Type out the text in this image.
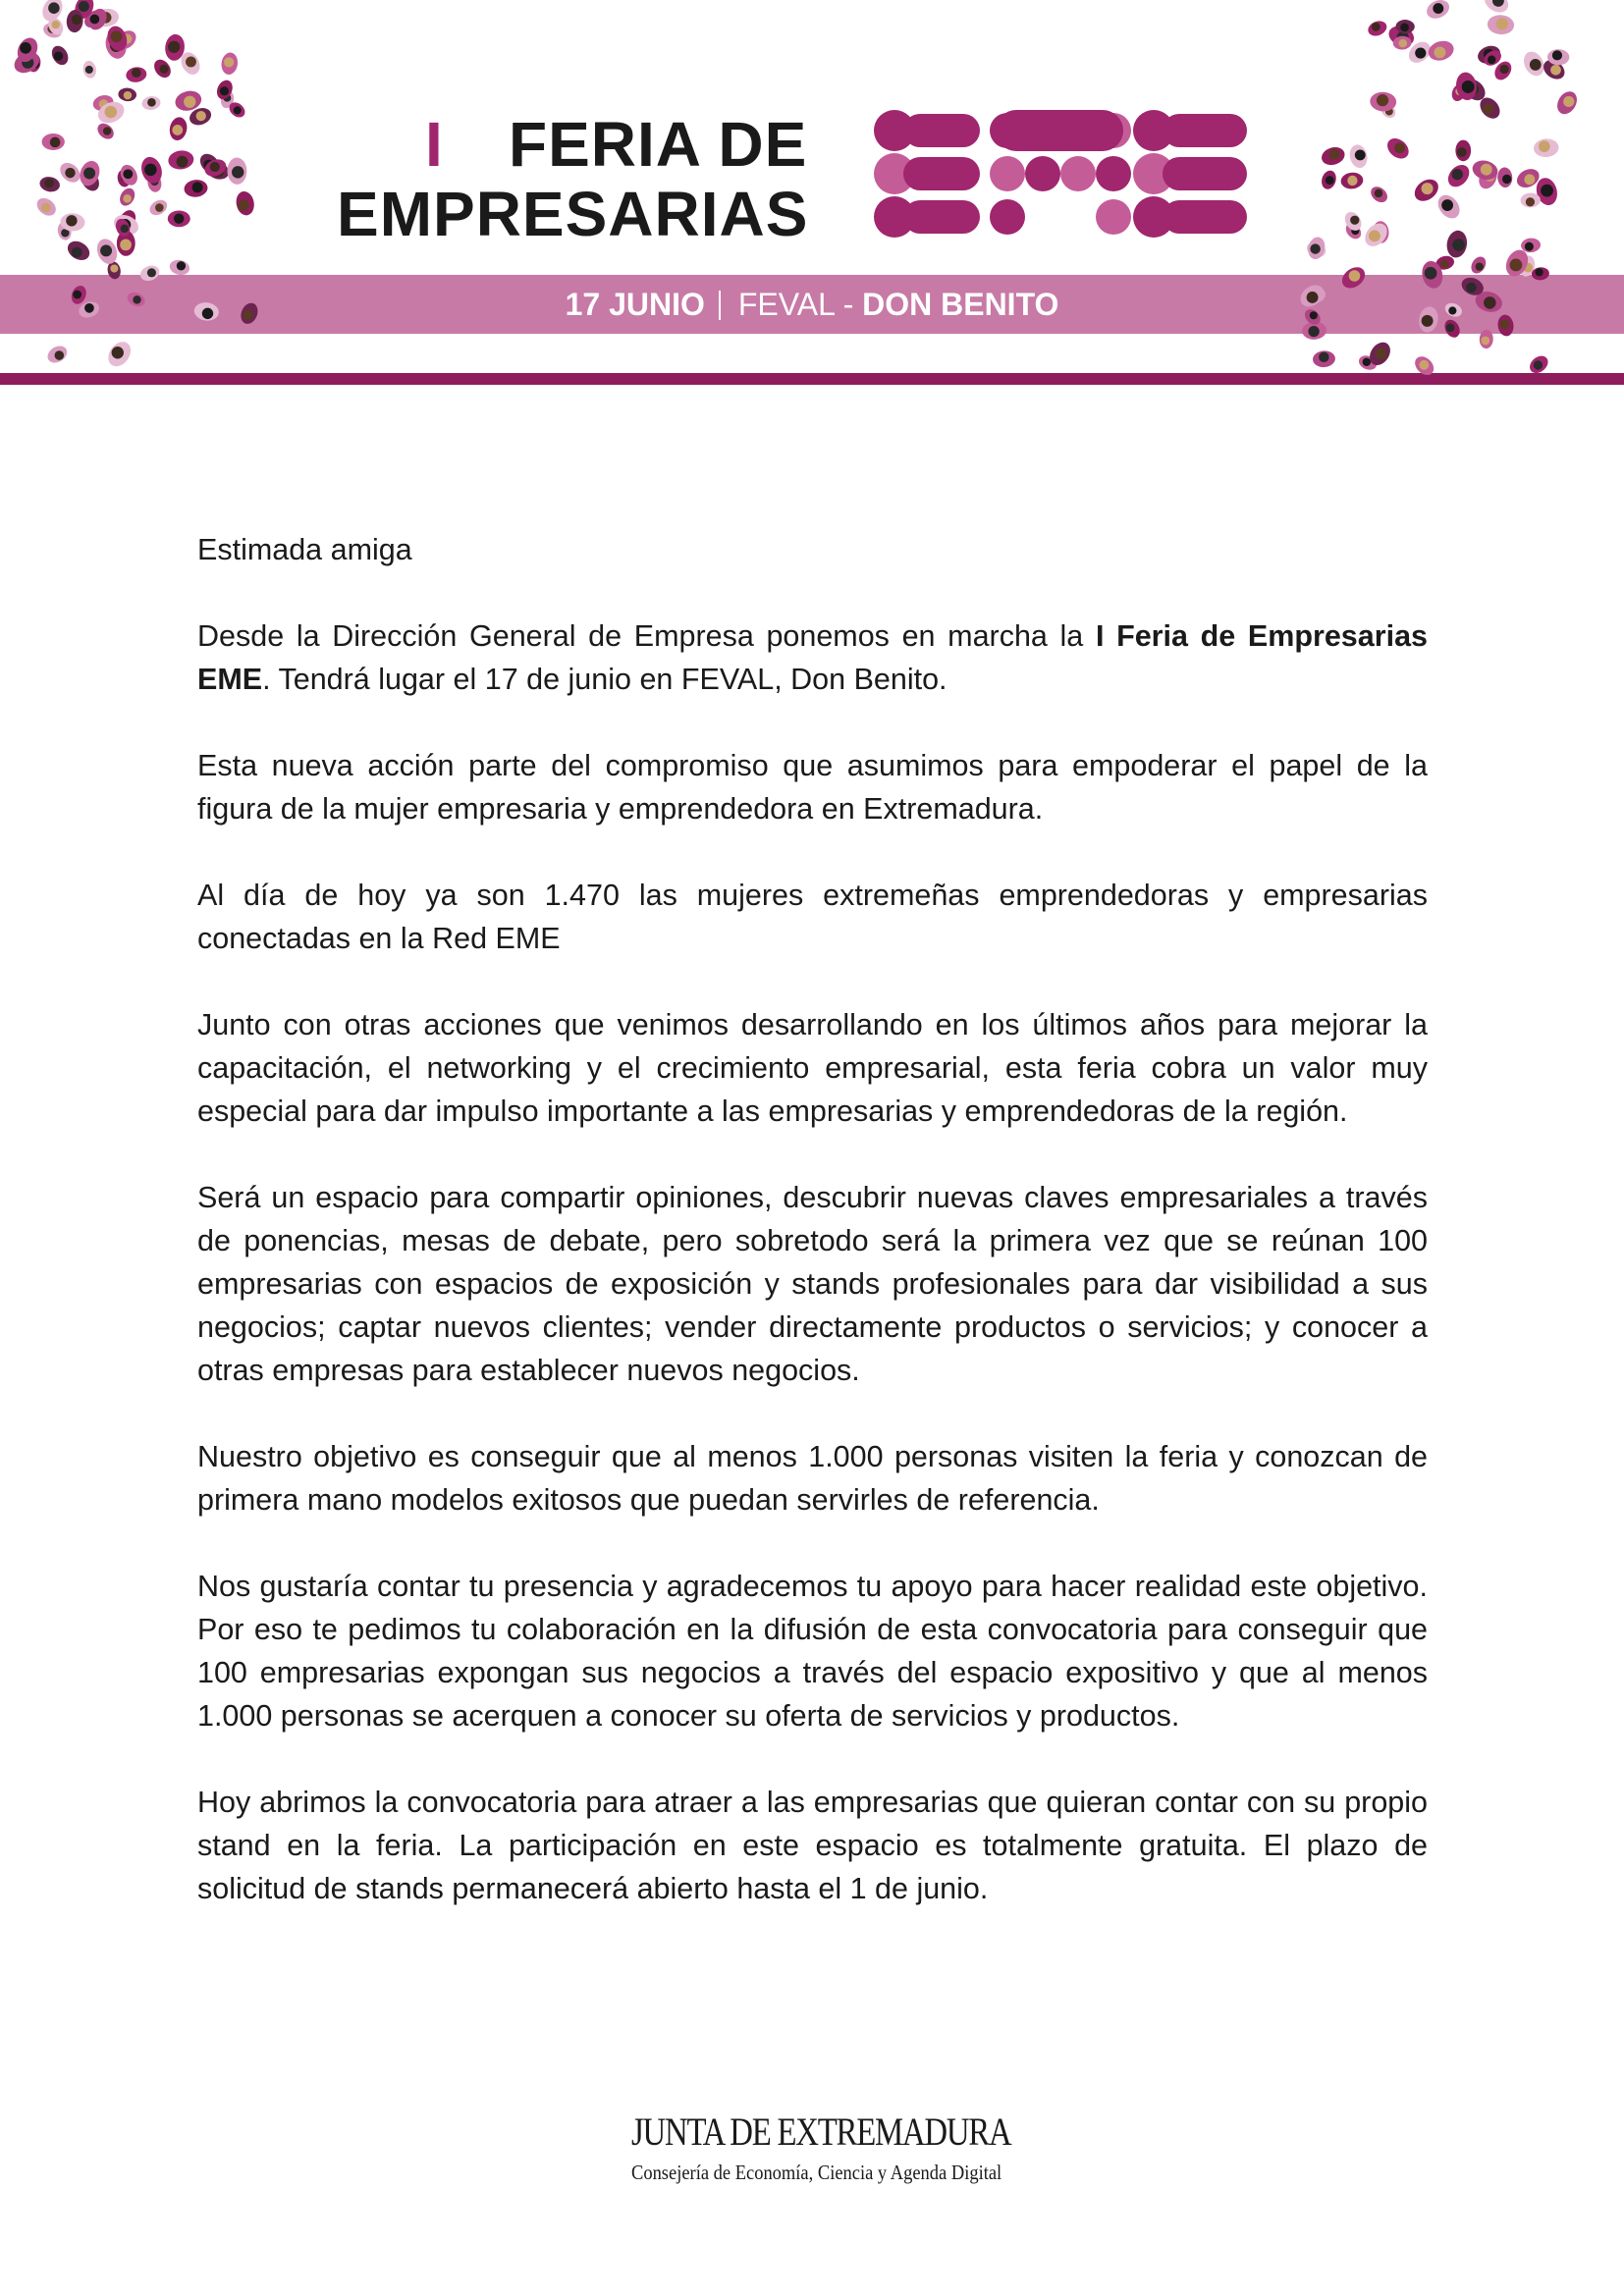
I FERIA DE
EMPRESARIAS
17 JUNIO FEVAL - DON BENITO

Estimada amiga

Desde la Dirección General de Empresa ponemos en marcha la I Feria de Empresarias EME. Tendrá lugar el 17 de junio en FEVAL, Don Benito.

Esta nueva acción parte del compromiso que asumimos para empoderar el papel de la figura de la mujer empresaria y emprendedora en Extremadura.

Al día de hoy ya son 1.470 las mujeres extremeñas emprendedoras y empresarias conectadas en la Red EME

Junto con otras acciones que venimos desarrollando en los últimos años para mejorar la capacitación, el networking y el crecimiento empresarial, esta feria cobra un valor muy especial para dar impulso importante a las empresarias y emprendedoras de la región.

Será un espacio para compartir opiniones, descubrir nuevas claves empresariales a través de ponencias, mesas de debate, pero sobretodo será la primera vez que se reúnan 100 empresarias con espacios de exposición y stands profesionales para dar visibilidad a sus negocios; captar nuevos clientes; vender directamente productos o servicios; y conocer a otras empresas para establecer nuevos negocios.

Nuestro objetivo es conseguir que al menos 1.000 personas visiten la feria y conozcan de primera mano modelos exitosos que puedan servirles de referencia.

Nos gustaría contar tu presencia y agradecemos tu apoyo para hacer realidad este objetivo. Por eso te pedimos tu colaboración en la difusión de esta convocatoria para conseguir que 100 empresarias expongan sus negocios a través del espacio expositivo y que al menos 1.000 personas se acerquen a conocer su oferta de servicios y productos.

Hoy abrimos la convocatoria para atraer a las empresarias que quieran contar con su propio stand en la feria. La participación en este espacio es totalmente gratuita. El plazo de solicitud de stands permanecerá abierto hasta el 1 de junio.

JUNTA DE EXTREMADURA
Consejería de Economía, Ciencia y Agenda Digital
